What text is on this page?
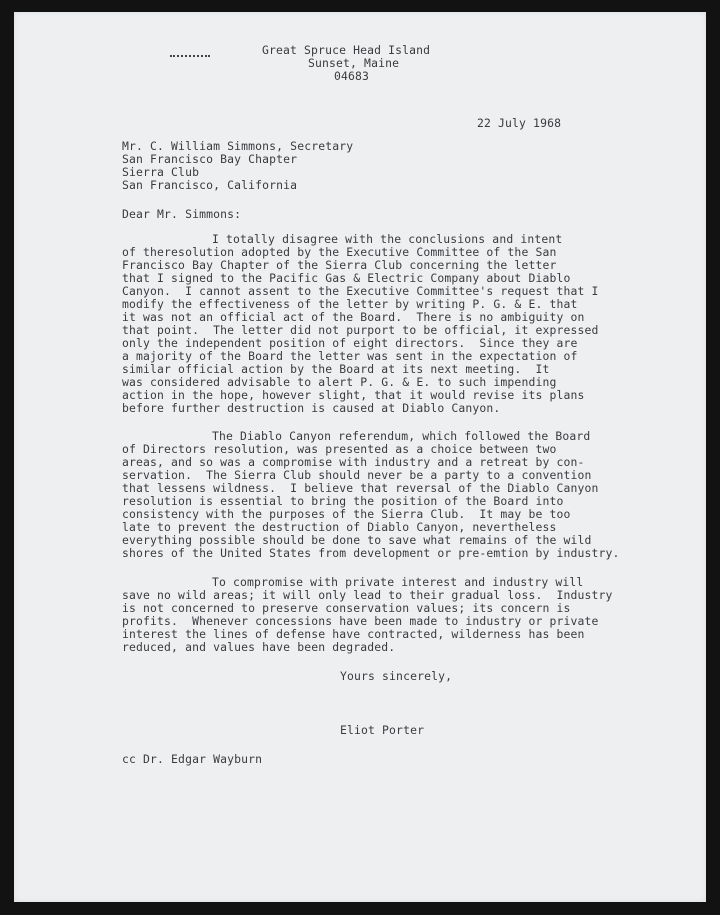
Great Spruce Head Island
Sunset, Maine
04683
22 July 1968
Mr. C. William Simmons, Secretary
San Francisco Bay Chapter
Sierra Club
San Francisco, California
Dear Mr. Simmons:
I totally disagree with the conclusions and intent
of theresolution adopted by the Executive Committee of the San
Francisco Bay Chapter of the Sierra Club concerning the letter
that I signed to the Pacific Gas & Electric Company about Diablo
Canyon.  I cannot assent to the Executive Committee's request that I
modify the effectiveness of the letter by writing P. G. & E. that
it was not an official act of the Board.  There is no ambiguity on
that point.  The letter did not purport to be official, it expressed
only the independent position of eight directors.  Since they are
a majority of the Board the letter was sent in the expectation of
similar official action by the Board at its next meeting.  It
was considered advisable to alert P. G. & E. to such impending
action in the hope, however slight, that it would revise its plans
before further destruction is caused at Diablo Canyon.
The Diablo Canyon referendum, which followed the Board
of Directors resolution, was presented as a choice between two
areas, and so was a compromise with industry and a retreat by con-
servation.  The Sierra Club should never be a party to a convention
that lessens wildness.  I believe that reversal of the Diablo Canyon
resolution is essential to bring the position of the Board into
consistency with the purposes of the Sierra Club.  It may be too
late to prevent the destruction of Diablo Canyon, nevertheless
everything possible should be done to save what remains of the wild
shores of the United States from development or pre-emtion by industry.
To compromise with private interest and industry will
save no wild areas; it will only lead to their gradual loss.  Industry
is not concerned to preserve conservation values; its concern is
profits.  Whenever concessions have been made to industry or private
interest the lines of defense have contracted, wilderness has been
reduced, and values have been degraded.
Yours sincerely,
Eliot Porter
cc Dr. Edgar Wayburn
